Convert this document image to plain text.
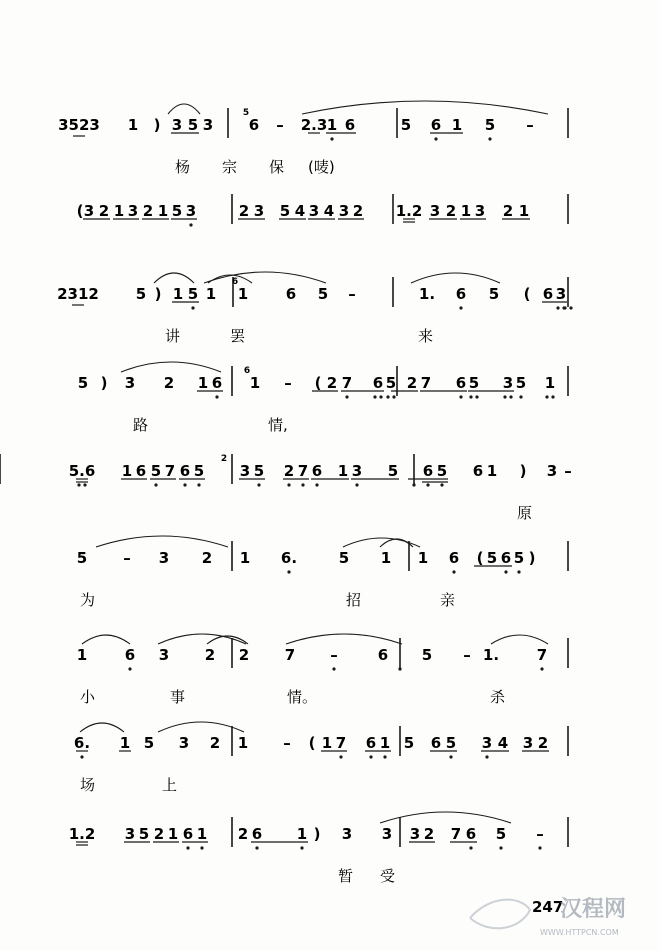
3523 1 ) 3 5 3 6 – 2.3 1 6	5 6 1 5 –
5
杨 宗 保 (唛)
( 3 2 1 3 2 1 5 3	2 3 5 4 3 4 3 2 1.2 3 2 1 3 2 1
2312 5 ) 1 5 1 1	6 5 –	1. 6 5 ( 6 3
6
讲	罢	来
5 ) 3 2 1 6 1 – ( 2 7 6 5 2 7 6 5 3 5 1
6
路	情,
5.6 1 6 5 7 6 5 3 5 2 7 6 1 3 5 6 5 6 1 ) 3 –
2
原
5 – 3 2 1 6.	5 1 1 6 ( 5 6 5 )
为	招	亲
1	6 3 2 2 7 –	6 5 – 1.	7
小	事	情。	杀
6. 1 5 3 2 1 – ( 1 7 6 1 5 6 5 3 4 3 2
场	上
1.2 3 5 2 1 6 1 2 6 1 ) 3 3 3 2 7 6 5 –
暂 受
247
汉程网
WWW.HTTPCN.COM
